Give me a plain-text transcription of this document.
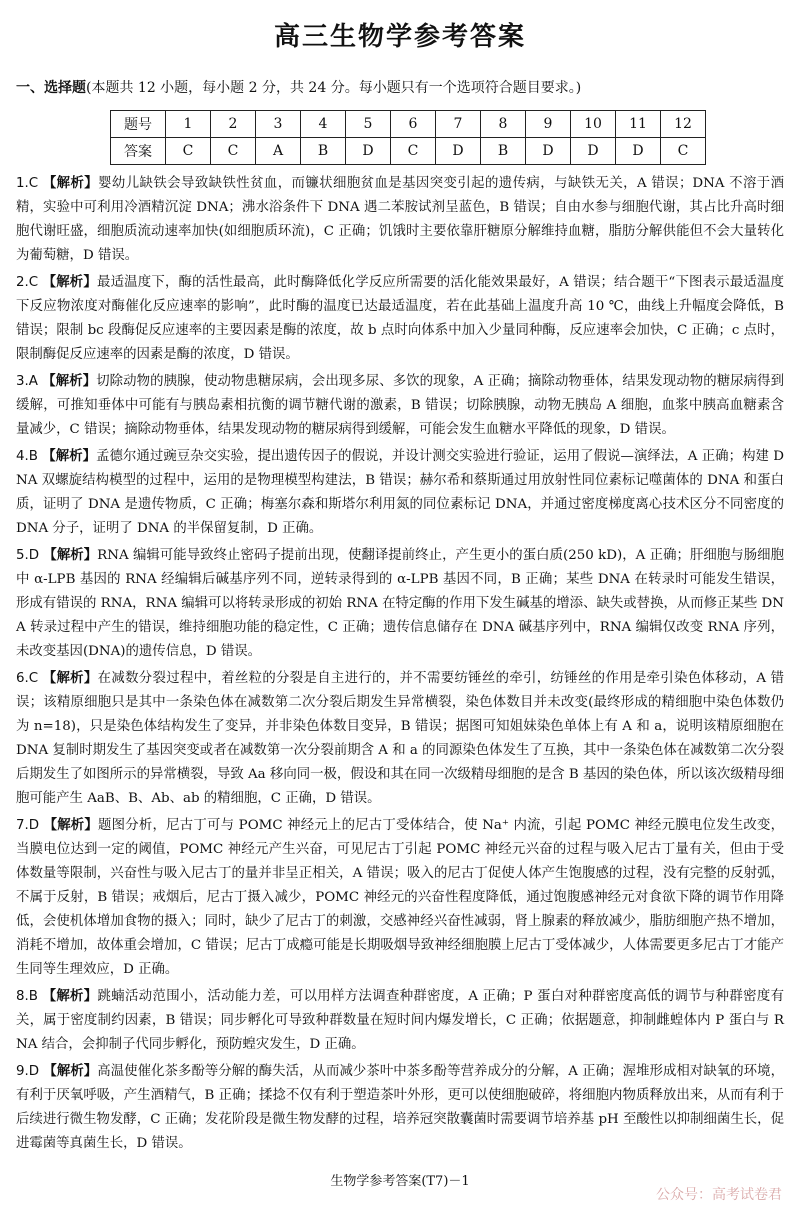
高三生物学参考答案
一、选择题(本题共 12 小题，每小题 2 分，共 24 分。每小题只有一个选项符合题目要求。)
题号	1	2	3	4	5	6	7	8	9	10	11	12
答案	C	C	A	B	D	C	D	B	D	D	D	C

1.C 【解析】婴幼儿缺铁会导致缺铁性贫血，而镰状细胞贫血是基因突变引起的遗传病，与缺铁无关，A 错误；DNA 不溶于酒精，实验中可利用冷酒精沉淀 DNA；沸水浴条件下 DNA 遇二苯胺试剂呈蓝色，B 错误；自由水参与细胞代谢，其占比升高时细胞代谢旺盛，细胞质流动速率加快(如细胞质环流)，C 正确；饥饿时主要依靠肝糖原分解维持血糖，脂肪分解供能但不会大量转化为葡萄糖，D 错误。

2.C 【解析】最适温度下，酶的活性最高，此时酶降低化学反应所需要的活化能效果最好，A 错误；结合题干“下图表示最适温度下反应物浓度对酶催化反应速率的影响”，此时酶的温度已达最适温度，若在此基础上温度升高 10 ℃，曲线上升幅度会降低，B 错误；限制 bc 段酶促反应速率的主要因素是酶的浓度，故 b 点时向体系中加入少量同种酶，反应速率会加快，C 正确；c 点时，限制酶促反应速率的因素是酶的浓度，D 错误。

3.A 【解析】切除动物的胰腺，使动物患糖尿病，会出现多尿、多饮的现象，A 正确；摘除动物垂体，结果发现动物的糖尿病得到缓解，可推知垂体中可能有与胰岛素相抗衡的调节糖代谢的激素，B 错误；切除胰腺，动物无胰岛 A 细胞，血浆中胰高血糖素含量减少，C 错误；摘除动物垂体，结果发现动物的糖尿病得到缓解，可能会发生血糖水平降低的现象，D 错误。

4.B 【解析】孟德尔通过豌豆杂交实验，提出遗传因子的假说，并设计测交实验进行验证，运用了假说—演绎法，A 正确；构建 DNA 双螺旋结构模型的过程中，运用的是物理模型构建法，B 错误；赫尔希和蔡斯通过用放射性同位素标记噬菌体的 DNA 和蛋白质，证明了 DNA 是遗传物质，C 正确；梅塞尔森和斯塔尔利用氮的同位素标记 DNA，并通过密度梯度离心技术区分不同密度的 DNA 分子，证明了 DNA 的半保留复制，D 正确。

5.D 【解析】RNA 编辑可能导致终止密码子提前出现，使翻译提前终止，产生更小的蛋白质(250 kD)，A 正确；肝细胞与肠细胞中 α-LPB 基因的 RNA 经编辑后碱基序列不同，逆转录得到的 α-LPB 基因不同，B 正确；某些 DNA 在转录时可能发生错误，形成有错误的 RNA，RNA 编辑可以将转录形成的初始 RNA 在特定酶的作用下发生碱基的增添、缺失或替换，从而修正某些 DNA 转录过程中产生的错误，维持细胞功能的稳定性，C 正确；遗传信息储存在 DNA 碱基序列中，RNA 编辑仅改变 RNA 序列，未改变基因(DNA)的遗传信息，D 错误。

6.C 【解析】在减数分裂过程中，着丝粒的分裂是自主进行的，并不需要纺锤丝的牵引，纺锤丝的作用是牵引染色体移动，A 错误；该精原细胞只是其中一条染色体在减数第二次分裂后期发生异常横裂，染色体数目并未改变(最终形成的精细胞中染色体数仍为 n=18)，只是染色体结构发生了变异，并非染色体数目变异，B 错误；据图可知姐妹染色单体上有 A 和 a，说明该精原细胞在 DNA 复制时期发生了基因突变或者在减数第一次分裂前期含 A 和 a 的同源染色体发生了互换，其中一条染色体在减数第二次分裂后期发生了如图所示的异常横裂，导致 Aa 移向同一极，假设和其在同一次级精母细胞的是含 B 基因的染色体，所以该次级精母细胞可能产生 AaB、B、Ab、ab 的精细胞，C 正确，D 错误。

7.D 【解析】题图分析，尼古丁可与 POMC 神经元上的尼古丁受体结合，使 Na⁺ 内流，引起 POMC 神经元膜电位发生改变，当膜电位达到一定的阈值，POMC 神经元产生兴奋，可见尼古丁引起 POMC 神经元兴奋的过程与吸入尼古丁量有关，但由于受体数量等限制，兴奋性与吸入尼古丁的量并非呈正相关，A 错误；吸入的尼古丁促使人体产生饱腹感的过程，没有完整的反射弧，不属于反射，B 错误；戒烟后，尼古丁摄入减少，POMC 神经元的兴奋性程度降低，通过饱腹感神经元对食欲下降的调节作用降低，会使机体增加食物的摄入；同时，缺少了尼古丁的刺激，交感神经兴奋性减弱，肾上腺素的释放减少，脂肪细胞产热不增加，消耗不增加，故体重会增加，C 错误；尼古丁成瘾可能是长期吸烟导致神经细胞膜上尼古丁受体减少，人体需要更多尼古丁才能产生同等生理效应，D 正确。

8.B 【解析】跳蝻活动范围小，活动能力差，可以用样方法调查种群密度，A 正确；P 蛋白对种群密度高低的调节与种群密度有关，属于密度制约因素，B 错误；同步孵化可导致种群数量在短时间内爆发增长，C 正确；依据题意，抑制雌蝗体内 P 蛋白与 RNA 结合，会抑制子代同步孵化，预防蝗灾发生，D 正确。

9.D 【解析】高温使催化茶多酚等分解的酶失活，从而减少茶叶中茶多酚等营养成分的分解，A 正确；渥堆形成相对缺氧的环境，有利于厌氧呼吸，产生酒精气，B 正确；揉捻不仅有利于塑造茶叶外形，更可以使细胞破碎，将细胞内物质释放出来，从而有利于后续进行微生物发酵，C 正确；发花阶段是微生物发酵的过程，培养冠突散囊菌时需要调节培养基 pH 至酸性以抑制细菌生长，促进霉菌等真菌生长，D 错误。

生物学参考答案(T7)－1
公众号：高考试卷君
